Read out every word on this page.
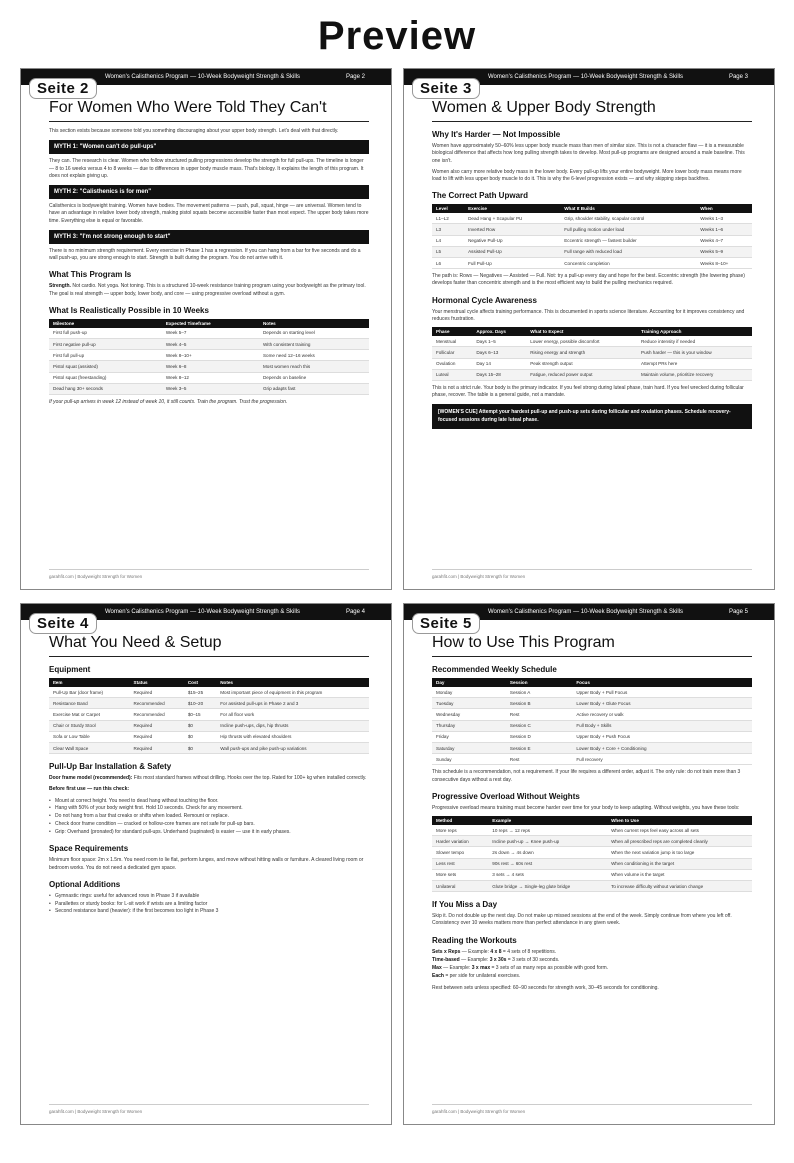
Preview
Women's Calisthenics Program — 10-Week Bodyweight Strength & Skills	Page 2
Seite 2
For Women Who Were Told They Can't
This section exists because someone told you something discouraging about your upper body strength. Let's deal with that directly.
MYTH 1: "Women can't do pull-ups"
They can. The research is clear. Women who follow structured pulling progressions develop the strength for full pull-ups. The timeline is longer — 8 to 16 weeks versus 4 to 8 weeks — due to differences in upper body muscle mass. That's biology. It explains the length of this program. It does not explain giving up.
MYTH 2: "Calisthenics is for men"
Calisthenics is bodyweight training. Women have bodies. The movement patterns — push, pull, squat, hinge — are universal. Women tend to have an advantage in relative lower body strength, making pistol squats become accessible faster than most expect. The upper body takes more time. Everything else is equal or favorable.
MYTH 3: "I'm not strong enough to start"
There is no minimum strength requirement. Every exercise in Phase 1 has a regression. If you can hang from a bar for five seconds and do a wall push-up, you are strong enough to start. Strength is built during the program. You do not arrive with it.
What This Program Is
Strength. Not cardio. Not yoga. Not toning. This is a structured 10-week resistance training program using your bodyweight as the primary tool. The goal is real strength — upper body, lower body, and core — using progressive overload without a gym.
What Is Realistically Possible in 10 Weeks
Milestone	Expected Timeframe	Notes
First full push-up	Week 5–7	Depends on starting level
First negative pull-up	Week 4–5	With consistent training
First full pull-up	Week 8–10+	Some need 12–16 weeks
Pistol squat (assisted)	Week 6–8	Most women reach this
Pistol squat (freestanding)	Week 8–12	Depends on baseline
Dead hang 30+ seconds	Week 3–5	Grip adapts fast
If your pull-up arrives in week 12 instead of week 10, it still counts. Train the program. Trust the progression.
garahfit.com | Bodyweight Strength for Women
Women's Calisthenics Program — 10-Week Bodyweight Strength & Skills	Page 3
Seite 3
Women & Upper Body Strength
Why It's Harder — Not Impossible
Women have approximately 50–60% less upper body muscle mass than men of similar size. This is not a character flaw — it is a measurable biological difference that affects how long pulling strength takes to develop. Most pull-up programs are designed around a male baseline. This one isn't.
Women also carry more relative body mass in the lower body. Every pull-up lifts your entire bodyweight. More lower body mass means more load to lift with less upper body muscle to do it. This is why the 6-level progression exists — and why skipping steps backfires.
The Correct Path Upward
Level	Exercise	What It Builds	When
L1–L2	Dead Hang + Scapular PU	Grip, shoulder stability, scapular control	Weeks 1–3
L3	Inverted Row	Full pulling motion under load	Weeks 1–6
L4	Negative Pull-Up	Eccentric strength — fastest builder	Weeks 4–7
L5	Assisted Pull-Up	Full range with reduced load	Weeks 5–9
L6	Full Pull-Up	Concentric completion	Weeks 8–10+
The path is: Rows — Negatives — Assisted — Full. Not: try a pull-up every day and hope for the best. Eccentric strength (the lowering phase) develops faster than concentric strength and is the most efficient way to build the pulling mechanics required.
Hormonal Cycle Awareness
Your menstrual cycle affects training performance. This is documented in sports science literature. Accounting for it improves consistency and reduces frustration.
Phase	Approx. Days	What to Expect	Training Approach
Menstrual	Days 1–5	Lower energy, possible discomfort	Reduce intensity if needed
Follicular	Days 6–13	Rising energy and strength	Push harder — this is your window
Ovulation	Day 14	Peak strength output	Attempt PRs here
Luteal	Days 15–28	Fatigue, reduced power output	Maintain volume, prioritize recovery
This is not a strict rule. Your body is the primary indicator. If you feel strong during luteal phase, train hard. If you feel wrecked during follicular phase, recover. The table is a general guide, not a mandate.
[WOMEN'S CUE] Attempt your hardest pull-up and push-up sets during follicular and ovulation phases. Schedule recovery-focused sessions during late luteal phase.
garahfit.com | Bodyweight Strength for Women
Women's Calisthenics Program — 10-Week Bodyweight Strength & Skills	Page 4
Seite 4
What You Need & Setup
Equipment
Item	Status	Cost	Notes
Pull-Up Bar (door frame)	Required	$15–25	Most important piece of equipment in this program
Resistance Band	Recommended	$10–20	For assisted pull-ups in Phase 2 and 3
Exercise Mat or Carpet	Recommended	$0–15	For all floor work
Chair or Sturdy Stool	Required	$0	Incline push-ups, dips, hip thrusts
Sofa or Low Table	Required	$0	Hip thrusts with elevated shoulders
Clear Wall Space	Required	$0	Wall push-ups and pike push-up variations
Pull-Up Bar Installation & Safety
Door frame model (recommended): Fits most standard frames without drilling. Hooks over the top. Rated for 100+ kg when installed correctly.
Before first use — run this check:
• Mount at correct height. You need to dead hang without touching the floor.
• Hang with 50% of your body weight first. Hold 10 seconds. Check for any movement.
• Do not hang from a bar that creaks or shifts when loaded. Remount or replace.
• Check door frame condition — cracked or hollow-core frames are not safe for pull-up bars.
• Grip: Overhand (pronated) for standard pull-ups. Underhand (supinated) is easier — use it in early phases.
Space Requirements
Minimum floor space: 2m x 1.5m. You need room to lie flat, perform lunges, and move without hitting walls or furniture. A cleared living room or bedroom works. You do not need a dedicated gym space.
Optional Additions
• Gymnastic rings: useful for advanced rows in Phase 3 if available
• Parallettes or sturdy books: for L-sit work if wrists are a limiting factor
• Second resistance band (heavier): if the first becomes too light in Phase 3
garahfit.com | Bodyweight Strength for Women
Women's Calisthenics Program — 10-Week Bodyweight Strength & Skills	Page 5
Seite 5
How to Use This Program
Recommended Weekly Schedule
Day	Session	Focus
Monday	Session A	Upper Body + Pull Focus
Tuesday	Session B	Lower Body + Glute Focus
Wednesday	Rest	Active recovery or walk
Thursday	Session C	Full Body + Skills
Friday	Session D	Upper Body + Push Focus
Saturday	Session E	Lower Body + Core + Conditioning
Sunday	Rest	Full recovery
This schedule is a recommendation, not a requirement. If your life requires a different order, adjust it. The only rule: do not train more than 3 consecutive days without a rest day.
Progressive Overload Without Weights
Progressive overload means training must become harder over time for your body to keep adapting. Without weights, you have these tools:
Method	Example	When to Use
More reps	10 reps → 12 reps	When current reps feel easy across all sets
Harder variation	Incline push-up → Knee push-up	When all prescribed reps are completed cleanly
Slower tempo	2s down → 4s down	When the next variation jump is too large
Less rest	90s rest → 60s rest	When conditioning is the target
More sets	3 sets → 4 sets	When volume is the target
Unilateral	Glute bridge → Single-leg glute bridge	To increase difficulty without variation change
If You Miss a Day
Skip it. Do not double up the next day. Do not make up missed sessions at the end of the week. Simply continue from where you left off. Consistency over 10 weeks matters more than perfect attendance in any given week.
Reading the Workouts
Sets x Reps — Example: 4 x 8 = 4 sets of 8 repetitions.
Time-based — Example: 3 x 30s = 3 sets of 30 seconds.
Max — Example: 3 x max = 3 sets of as many reps as possible with good form.
Each = per side for unilateral exercises.
Rest between sets unless specified: 60–90 seconds for strength work, 30–45 seconds for conditioning.
garahfit.com | Bodyweight Strength for Women
